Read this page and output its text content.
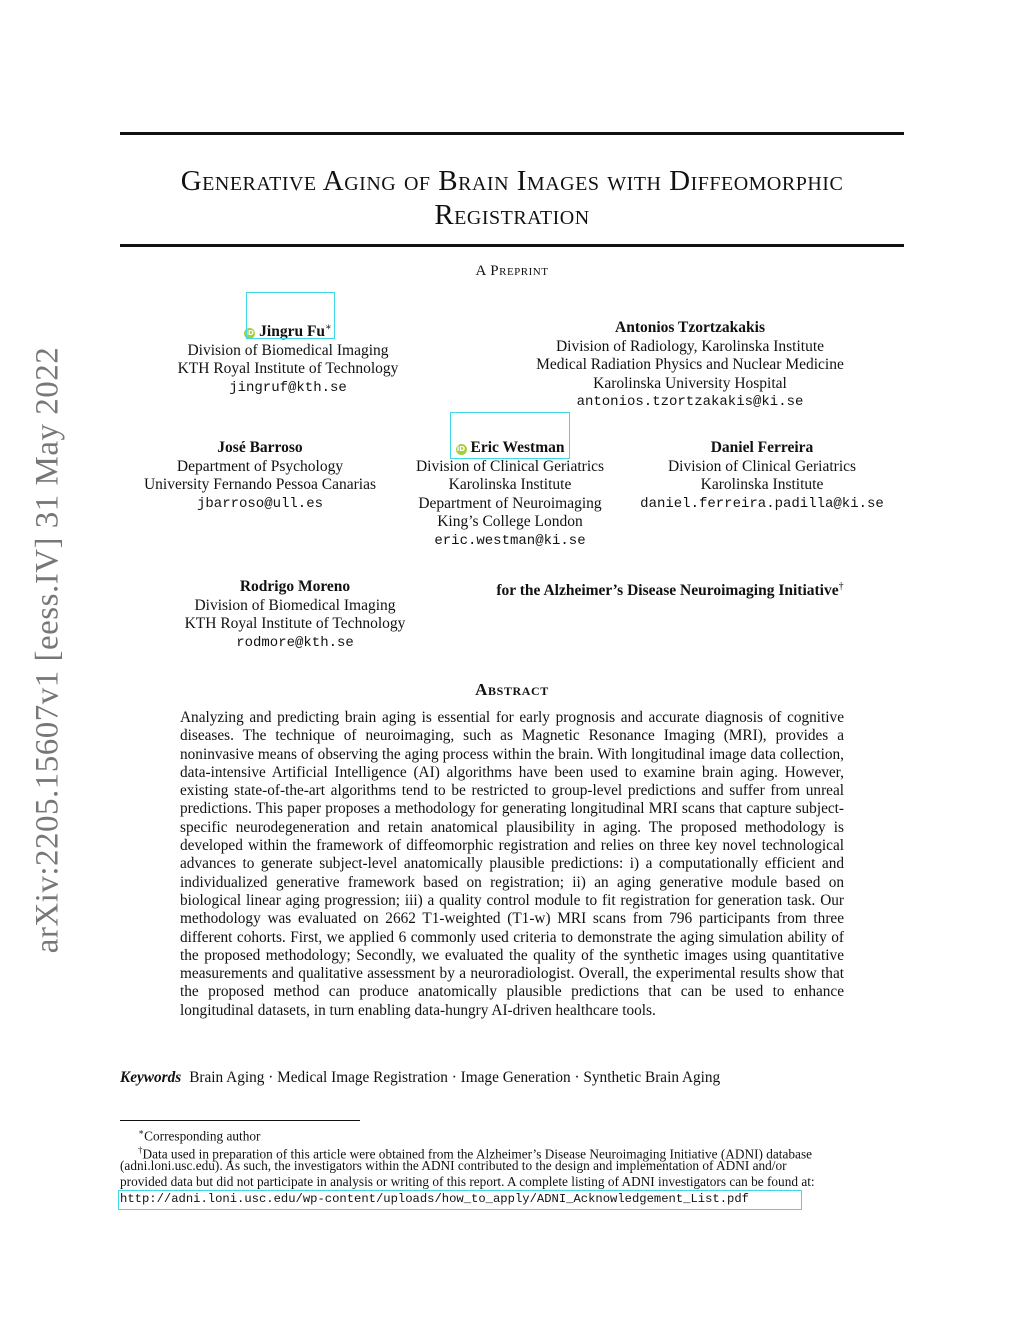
arXiv:2205.15607v1 [eess.IV] 31 May 2022
Generative Aging of Brain Images with Diffeomorphic
Registration
A Preprint
iD Jingru Fu∗
Division of Biomedical Imaging
KTH Royal Institute of Technology
jingruf@kth.se
Antonios Tzortzakakis
Division of Radiology, Karolinska Institute
Medical Radiation Physics and Nuclear Medicine
Karolinska University Hospital
antonios.tzortzakakis@ki.se
José Barroso
Department of Psychology
University Fernando Pessoa Canarias
jbarroso@ull.es
iD Eric Westman
Division of Clinical Geriatrics
Karolinska Institute
Department of Neuroimaging
King’s College London
eric.westman@ki.se
Daniel Ferreira
Division of Clinical Geriatrics
Karolinska Institute
daniel.ferreira.padilla@ki.se
Rodrigo Moreno
Division of Biomedical Imaging
KTH Royal Institute of Technology
rodmore@kth.se
for the Alzheimer’s Disease Neuroimaging Initiative†
Abstract
Analyzing and predicting brain aging is essential for early prognosis and accurate diagnosis of cognitive diseases. The technique of neuroimaging, such as Magnetic Resonance Imaging (MRI), provides a noninvasive means of observing the aging process within the brain. With longitudinal image data collection, data-intensive Artificial Intelligence (AI) algorithms have been used to examine brain aging. However, existing state-of-the-art algorithms tend to be restricted to group-level predictions and suffer from unreal predictions. This paper proposes a methodology for generating longitudinal MRI scans that capture subject-specific neurodegeneration and retain anatomical plausibility in aging. The proposed methodology is developed within the framework of diffeomorphic registration and relies on three key novel technological advances to generate subject-level anatomically plausible predictions: i) a computationally efficient and individualized generative framework based on registration; ii) an aging generative module based on biological linear aging progression; iii) a quality control module to fit registration for generation task. Our methodology was evaluated on 2662 T1-weighted (T1-w) MRI scans from 796 participants from three different cohorts. First, we applied 6 commonly used criteria to demonstrate the aging simulation ability of the proposed methodology; Secondly, we evaluated the quality of the synthetic images using quantitative measurements and qualitative assessment by a neuroradiologist. Overall, the experimental results show that the proposed method can produce anatomically plausible predictions that can be used to enhance longitudinal datasets, in turn enabling data-hungry AI-driven healthcare tools.
Keywords Brain Aging · Medical Image Registration · Image Generation · Synthetic Brain Aging
∗Corresponding author
†Data used in preparation of this article were obtained from the Alzheimer’s Disease Neuroimaging Initiative (ADNI) database
(adni.loni.usc.edu). As such, the investigators within the ADNI contributed to the design and implementation of ADNI and/or
provided data but did not participate in analysis or writing of this report. A complete listing of ADNI investigators can be found at:
http://adni.loni.usc.edu/wp-content/uploads/how_to_apply/ADNI_Acknowledgement_List.pdf
